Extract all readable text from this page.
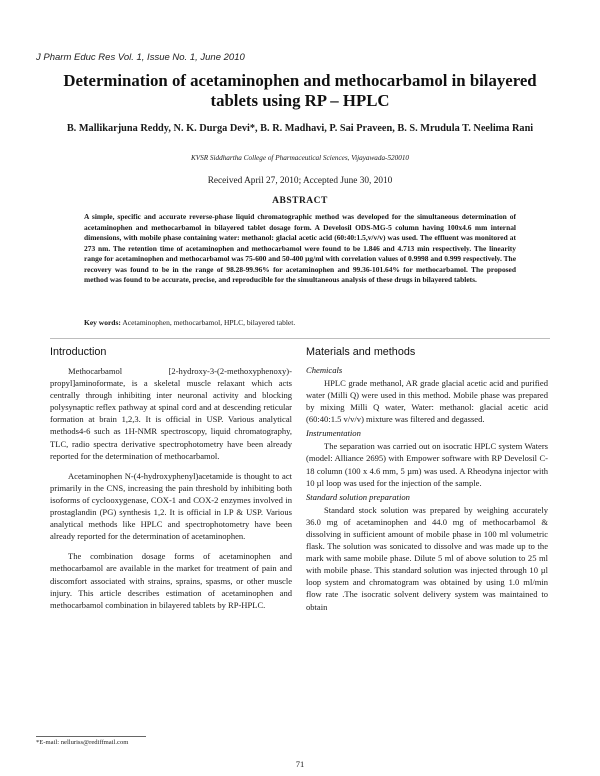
J Pharm Educ Res Vol. 1, Issue No. 1, June 2010
Determination of acetaminophen and methocarbamol in bilayered tablets using RP – HPLC
B. Mallikarjuna Reddy, N. K. Durga Devi*, B. R. Madhavi, P. Sai Praveen, B. S. Mrudula T. Neelima Rani
KVSR Siddhartha College of Pharmaceutical Sciences, Vijayawada-520010
Received April 27, 2010; Accepted June 30, 2010
ABSTRACT
A simple, specific and accurate reverse-phase liquid chromatographic method was developed for the simultaneous determination of acetaminophen and methocarbamol in bilayered tablet dosage form. A Develosil ODS-MG-5 column having 100x4.6 mm internal dimensions, with mobile phase containing water: methanol: glacial acetic acid (60:40:1.5,v/v/v) was used. The effluent was monitored at 273 nm. The retention time of acetaminophen and methocarbamol were found to be 1.846 and 4.713 min respectively. The linearity range for acetaminophen and methocarbamol was 75-600 and 50-400 µg/ml with correlation values of 0.9998 and 0.999 respectively. The recovery was found to be in the range of 98.28-99.96% for acetaminophen and 99.36-101.64% for methocarbamol. The proposed method was found to be accurate, precise, and reproducible for the simultaneous analysis of these drugs in bilayered tablets.
Key words: Acetaminophen, methocarbamol, HPLC, bilayered tablet.
Introduction

Methocarbamol [2-hydroxy-3-(2-methoxyphenoxy)-propyl]aminoformate, is a skeletal muscle relaxant which acts centrally through inhibiting inter neuronal activity and blocking polysynaptic reflex pathway at spinal cord and at descending reticular formation at brain 1,2,3. It is official in USP. Various analytical methods4-6 such as 1H-NMR spectroscopy, liquid chromatography, TLC, radio spectra derivative spectrophotometry have been already reported for the determination of methocarbamol.

Acetaminophen N-(4-hydroxyphenyl)acetamide is thought to act primarily in the CNS, increasing the pain threshold by inhibiting both isoforms of cyclooxygenase, COX-1 and COX-2 enzymes involved in prostaglandin (PG) synthesis 1,2. It is official in I.P & USP. Various analytical methods like HPLC and spectrophotometry have been already reported for the determination of acetaminophen.

The combination dosage forms of acetaminophen and methocarbamol are available in the market for treatment of pain and discomfort associated with strains, sprains, spasms, or other muscle injury. This article describes estimation of acetaminophen and methocarbamol combination in bilayered tablets by RP-HPLC.

Materials and methods
Chemicals

HPLC grade methanol, AR grade glacial acetic acid and purified water (Milli Q) were used in this method. Mobile phase was prepared by mixing Milli Q water, Water: methanol: glacial acetic acid (60:40:1.5 v/v/v) mixture was filtered and degassed.

Instrumentation

The separation was carried out on isocratic HPLC system Waters (model: Alliance 2695) with Empower software with RP Develosil C-18 column (100 x 4.6 mm, 5 µm) was used. A Rheodyna injector with 10 µl loop was used for the injection of the sample.

Standard solution preparation

Standard stock solution was prepared by weighing accurately 36.0 mg of acetaminophen and 44.0 mg of methocarbamol & dissolving in sufficient amount of mobile phase in 100 ml volumetric flask. The solution was sonicated to dissolve and was made up to the mark with same mobile phase. Dilute 5 ml of above solution to 25 ml with mobile phase. This standard solution was injected through 10 µl loop system and chromatogram was obtained by using 1.0 ml/min flow rate .The isocratic solvent delivery system was maintained to obtain

*E-mail: nelluriss@rediffmail.com
71
